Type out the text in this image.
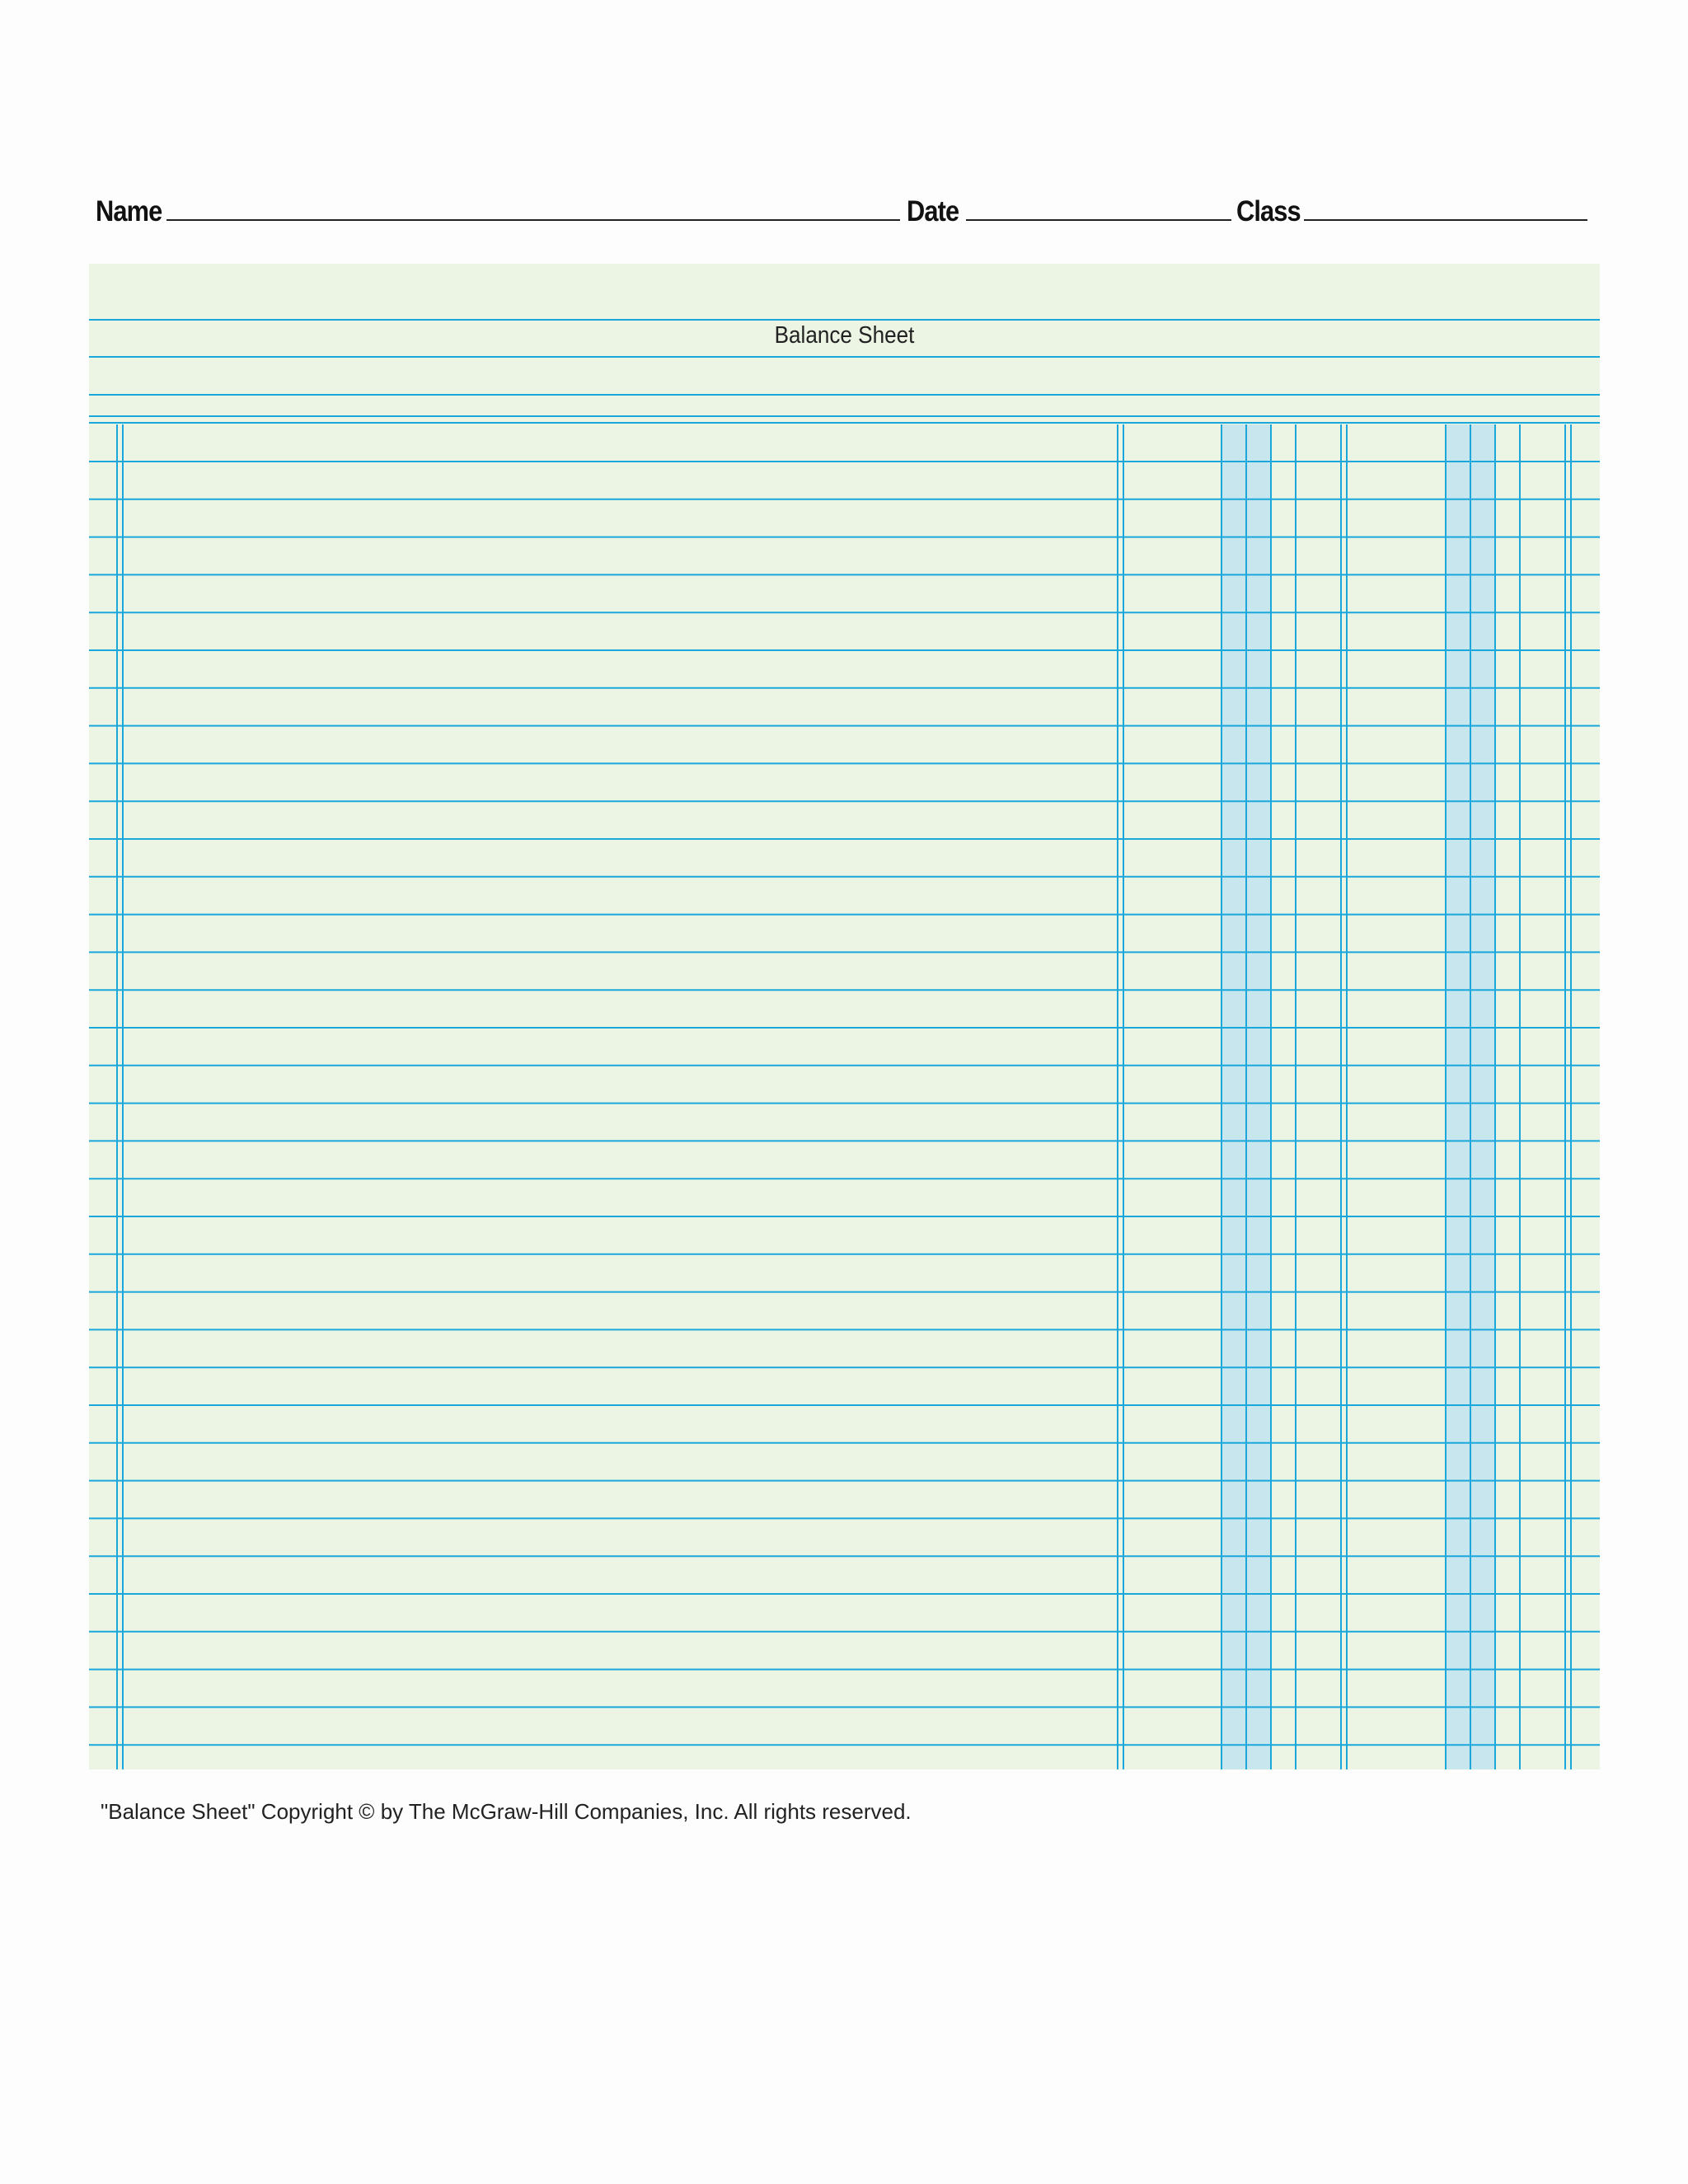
Name	Date	Class
Balance Sheet
"Balance Sheet" Copyright © by The McGraw-Hill Companies, Inc. All rights reserved.
